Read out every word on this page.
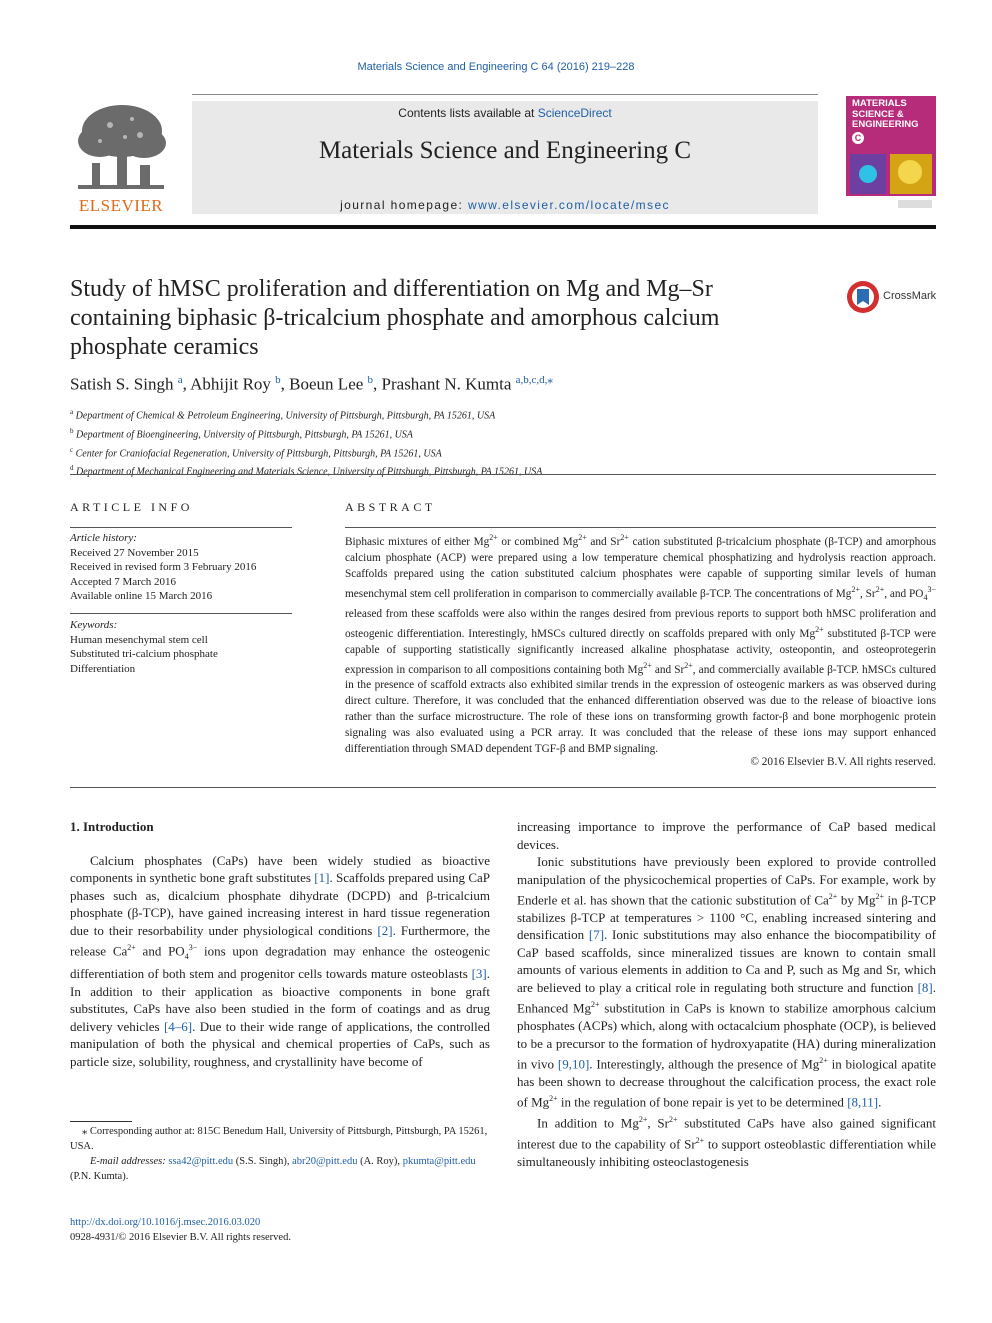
Materials Science and Engineering C 64 (2016) 219–228
ELSEVIER
Contents lists available at ScienceDirect
Materials Science and Engineering C
journal homepage: www.elsevier.com/locate/msec
MATERIALS
SCIENCE &
ENGINEERING
C
Study of hMSC proliferation and differentiation on Mg and Mg–Sr
containing biphasic β-tricalcium phosphate and amorphous calcium
phosphate ceramics
CrossMark
Satish S. Singh $^a$, Abhijit Roy $^b$, Boeun Lee $^b$, Prashant N. Kumta $^{a,b,c,d,⁎}$
$^a$ Department of Chemical & Petroleum Engineering, University of Pittsburgh, Pittsburgh, PA 15261, USA
$^b$ Department of Bioengineering, University of Pittsburgh, Pittsburgh, PA 15261, USA
$^c$ Center for Craniofacial Regeneration, University of Pittsburgh, Pittsburgh, PA 15261, USA
$^d$ Department of Mechanical Engineering and Materials Science, University of Pittsburgh, Pittsburgh, PA 15261, USA
ARTICLE INFO
Article history:
Received 27 November 2015
Received in revised form 3 February 2016
Accepted 7 March 2016
Available online 15 March 2016
Keywords:
Human mesenchymal stem cell
Substituted tri-calcium phosphate
Differentiation
ABSTRACT
Biphasic mixtures of either $Mg^{2+}$ or combined $Mg^{2+}$ and $Sr^{2+}$ cation substituted β-tricalcium phosphate (β-TCP) and amorphous calcium phosphate (ACP) were prepared using a low temperature chemical phosphatizing and hydrolysis reaction approach. Scaffolds prepared using the cation substituted calcium phosphates were capable of supporting similar levels of human mesenchymal stem cell proliferation in comparison to commercially available β-TCP. The concentrations of $Mg^{2+}$, $Sr^{2+}$, and $PO_4^{3-}$ released from these scaffolds were also within the ranges desired from previous reports to support both hMSC proliferation and osteogenic differentiation. Interestingly, hMSCs cultured directly on scaffolds prepared with only $Mg^{2+}$ substituted β-TCP were capable of supporting statistically significantly increased alkaline phosphatase activity, osteopontin, and osteoprotegerin expression in comparison to all compositions containing both $Mg^{2+}$ and $Sr^{2+}$, and commercially available β-TCP. hMSCs cultured in the presence of scaffold extracts also exhibited similar trends in the expression of osteogenic markers as was observed during direct culture. Therefore, it was concluded that the enhanced differentiation observed was due to the release of bioactive ions rather than the surface microstructure. The role of these ions on transforming growth factor-β and bone morphogenic protein signaling was also evaluated using a PCR array. It was concluded that the release of these ions may support enhanced differentiation through SMAD dependent TGF-β and BMP signaling.
© 2016 Elsevier B.V. All rights reserved.
1. Introduction

Calcium phosphates (CaPs) have been widely studied as bioactive components in synthetic bone graft substitutes [1]. Scaffolds prepared using CaP phases such as, dicalcium phosphate dihydrate (DCPD) and β-tricalcium phosphate (β-TCP), have gained increasing interest in hard tissue regeneration due to their resorbability under physiological conditions [2]. Furthermore, the release $Ca^{2+}$ and $PO_4^{3-}$ ions upon degradation may enhance the osteogenic differentiation of both stem and progenitor cells towards mature osteoblasts [3]. In addition to their application as bioactive components in bone graft substitutes, CaPs have also been studied in the form of coatings and as drug delivery vehicles [4–6]. Due to their wide range of applications, the controlled manipulation of both the physical and chemical properties of CaPs, such as particle size, solubility, roughness, and crystallinity have become of

increasing importance to improve the performance of CaP based medical devices.

Ionic substitutions have previously been explored to provide controlled manipulation of the physicochemical properties of CaPs. For example, work by Enderle et al. has shown that the cationic substitution of $Ca^{2+}$ by $Mg^{2+}$ in β-TCP stabilizes β-TCP at temperatures > 1100 °C, enabling increased sintering and densification [7]. Ionic substitutions may also enhance the biocompatibility of CaP based scaffolds, since mineralized tissues are known to contain small amounts of various elements in addition to Ca and P, such as Mg and Sr, which are believed to play a critical role in regulating both structure and function [8]. Enhanced $Mg^{2+}$ substitution in CaPs is known to stabilize amorphous calcium phosphates (ACPs) which, along with octacalcium phosphate (OCP), is believed to be a precursor to the formation of hydroxyapatite (HA) during mineralization in vivo [9,10]. Interestingly, although the presence of $Mg^{2+}$ in biological apatite has been shown to decrease throughout the calcification process, the exact role of $Mg^{2+}$ in the regulation of bone repair is yet to be determined [8,11].

In addition to $Mg^{2+}$, $Sr^{2+}$ substituted CaPs have also gained significant interest due to the capability of $Sr^{2+}$ to support osteoblastic differentiation while simultaneously inhibiting osteoclastogenesis

⁎ Corresponding author at: 815C Benedum Hall, University of Pittsburgh, Pittsburgh, PA 15261, USA.
E-mail addresses: ssa42@pitt.edu (S.S. Singh), abr20@pitt.edu (A. Roy), pkumta@pitt.edu (P.N. Kumta).
http://dx.doi.org/10.1016/j.msec.2016.03.020
0928-4931/© 2016 Elsevier B.V. All rights reserved.
